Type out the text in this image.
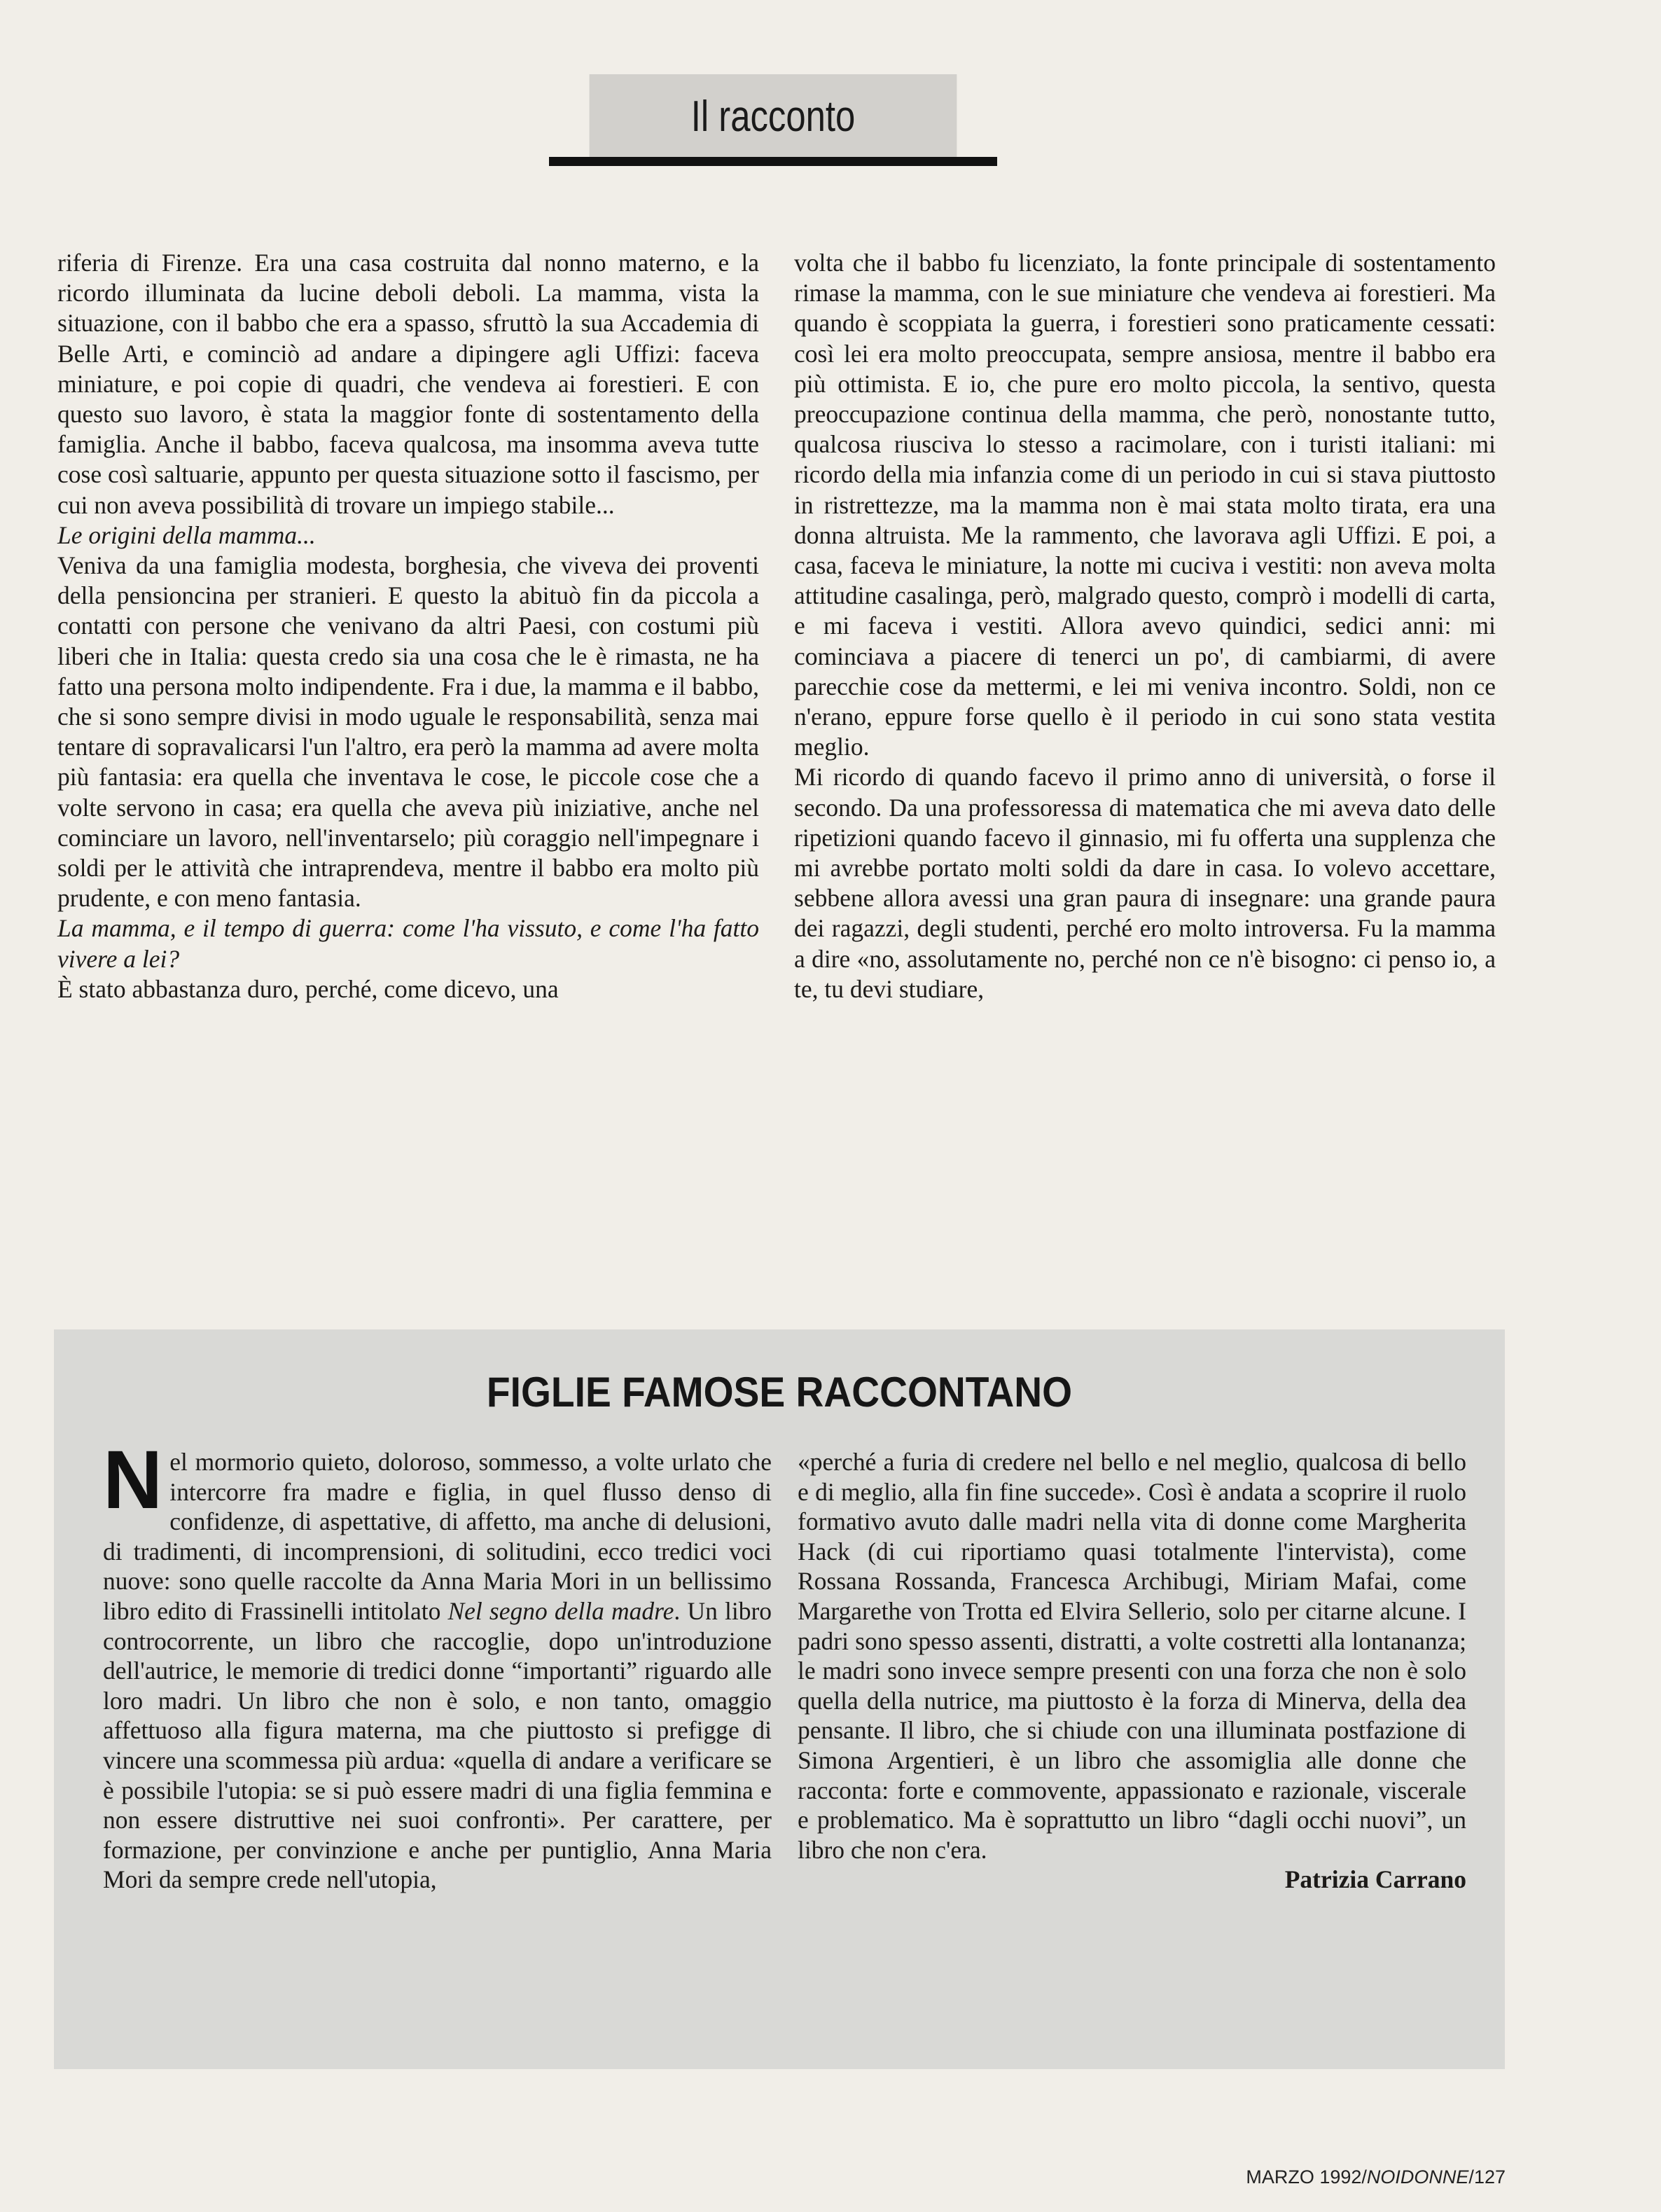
Il racconto

riferia di Firenze. Era una casa costruita dal nonno materno, e la ricordo illuminata da lucine deboli deboli. La mamma, vista la situazione, con il babbo che era a spasso, sfruttò la sua Accademia di Belle Arti, e cominciò ad andare a dipingere agli Uffizi: faceva miniature, e poi copie di quadri, che vendeva ai forestieri. E con questo suo lavoro, è stata la maggior fonte di sostentamento della famiglia. Anche il babbo, faceva qualcosa, ma insomma aveva tutte cose così saltuarie, appunto per questa situazione sotto il fascismo, per cui non aveva possibilità di trovare un impiego stabile...

Le origini della mamma...

Veniva da una famiglia modesta, borghesia, che viveva dei proventi della pensioncina per stranieri. E questo la abituò fin da piccola a contatti con persone che venivano da altri Paesi, con costumi più liberi che in Italia: questa credo sia una cosa che le è rimasta, ne ha fatto una persona molto indipendente. Fra i due, la mamma e il babbo, che si sono sempre divisi in modo uguale le responsabilità, senza mai tentare di sopravalicarsi l'un l'altro, era però la mamma ad avere molta più fantasia: era quella che inventava le cose, le piccole cose che a volte servono in casa; era quella che aveva più iniziative, anche nel cominciare un lavoro, nell'inventarselo; più coraggio nell'impegnare i soldi per le attività che intraprendeva, mentre il babbo era molto più prudente, e con meno fantasia.

La mamma, e il tempo di guerra: come l'ha vissuto, e come l'ha fatto vivere a lei?

È stato abbastanza duro, perché, come dicevo, una

volta che il babbo fu licenziato, la fonte principale di sostentamento rimase la mamma, con le sue miniature che vendeva ai forestieri. Ma quando è scoppiata la guerra, i forestieri sono praticamente cessati: così lei era molto preoccupata, sempre ansiosa, mentre il babbo era più ottimista. E io, che pure ero molto piccola, la sentivo, questa preoccupazione continua della mamma, che però, nonostante tutto, qualcosa riusciva lo stesso a racimolare, con i turisti italiani: mi ricordo della mia infanzia come di un periodo in cui si stava piuttosto in ristrettezze, ma la mamma non è mai stata molto tirata, era una donna altruista. Me la rammento, che lavorava agli Uffizi. E poi, a casa, faceva le miniature, la notte mi cuciva i vestiti: non aveva molta attitudine casalinga, però, malgrado questo, comprò i modelli di carta, e mi faceva i vestiti. Allora avevo quindici, sedici anni: mi cominciava a piacere di tenerci un po', di cambiarmi, di avere parecchie cose da mettermi, e lei mi veniva incontro. Soldi, non ce n'erano, eppure forse quello è il periodo in cui sono stata vestita meglio.

Mi ricordo di quando facevo il primo anno di università, o forse il secondo. Da una professoressa di matematica che mi aveva dato delle ripetizioni quando facevo il ginnasio, mi fu offerta una supplenza che mi avrebbe portato molti soldi da dare in casa. Io volevo accettare, sebbene allora avessi una gran paura di insegnare: una grande paura dei ragazzi, degli studenti, perché ero molto introversa. Fu la mamma a dire «no, assolutamente no, perché non ce n'è bisogno: ci penso io, a te, tu devi studiare,

FIGLIE FAMOSE RACCONTANO

Nel mormorio quieto, doloroso, sommesso, a volte urlato che intercorre fra madre e figlia, in quel flusso denso di confidenze, di aspettative, di affetto, ma anche di delusioni, di tradimenti, di incomprensioni, di solitudini, ecco tredici voci nuove: sono quelle raccolte da Anna Maria Mori in un bellissimo libro edito di Frassinelli intitolato Nel segno della madre. Un libro controcorrente, un libro che raccoglie, dopo un'introduzione dell'autrice, le memorie di tredici donne “importanti” riguardo alle loro madri. Un libro che non è solo, e non tanto, omaggio affettuoso alla figura materna, ma che piuttosto si prefigge di vincere una scommessa più ardua: «quella di andare a verificare se è possibile l'utopia: se si può essere madri di una figlia femmina e non essere distruttive nei suoi confronti». Per carattere, per formazione, per convinzione e anche per puntiglio, Anna Maria Mori da sempre crede nell'utopia,

«perché a furia di credere nel bello e nel meglio, qualcosa di bello e di meglio, alla fin fine succede». Così è andata a scoprire il ruolo formativo avuto dalle madri nella vita di donne come Margherita Hack (di cui riportiamo quasi totalmente l'intervista), come Rossana Rossanda, Francesca Archibugi, Miriam Mafai, come Margarethe von Trotta ed Elvira Sellerio, solo per citarne alcune. I padri sono spesso assenti, distratti, a volte costretti alla lontananza; le madri sono invece sempre presenti con una forza che non è solo quella della nutrice, ma piuttosto è la forza di Minerva, della dea pensante. Il libro, che si chiude con una illuminata postfazione di Simona Argentieri, è un libro che assomiglia alle donne che racconta: forte e commovente, appassionato e razionale, viscerale e problematico. Ma è soprattutto un libro “dagli occhi nuovi”, un libro che non c'era.

Patrizia Carrano

MARZO 1992/NOIDONNE/127
